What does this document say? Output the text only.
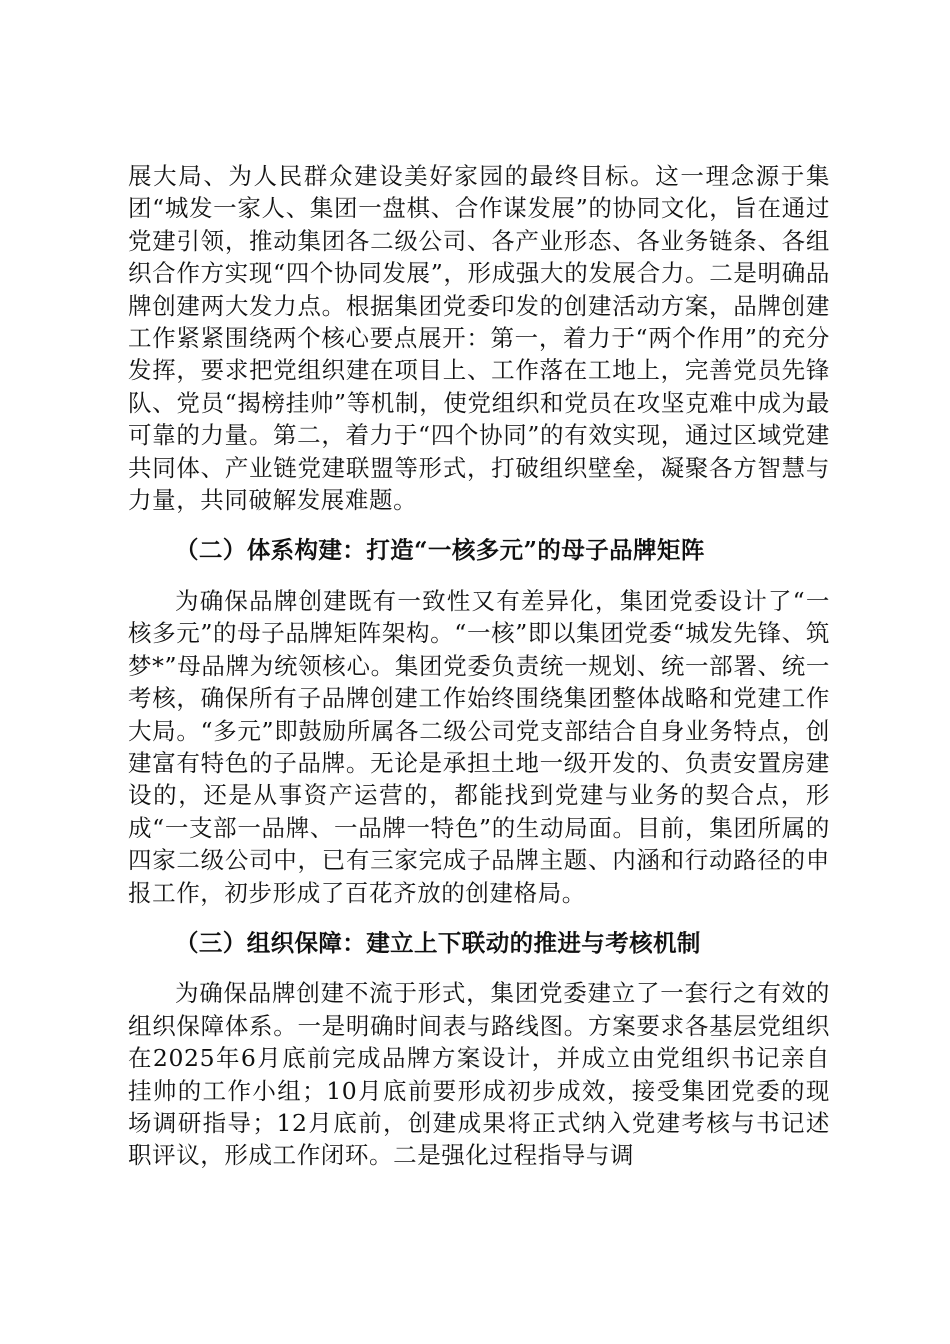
展大局、为人民群众建设美好家园的最终目标。这一理念源于集团“城发一家人、集团一盘棋、合作谋发展”的协同文化，旨在通过党建引领，推动集团各二级公司、各产业形态、各业务链条、各组织合作方实现“四个协同发展”，形成强大的发展合力。二是明确品牌创建两大发力点。根据集团党委印发的创建活动方案，品牌创建工作紧紧围绕两个核心要点展开：第一，着力于“两个作用”的充分发挥，要求把党组织建在项目上、工作落在工地上，完善党员先锋队、党员“揭榜挂帅”等机制，使党组织和党员在攻坚克难中成为最可靠的力量。第二，着力于“四个协同”的有效实现，通过区域党建共同体、产业链党建联盟等形式，打破组织壁垒，凝聚各方智慧与力量，共同破解发展难题。

（二）体系构建：打造“一核多元”的母子品牌矩阵

为确保品牌创建既有一致性又有差异化，集团党委设计了“一核多元”的母子品牌矩阵架构。“一核”即以集团党委“城发先锋、筑梦*”母品牌为统领核心。集团党委负责统一规划、统一部署、统一考核，确保所有子品牌创建工作始终围绕集团整体战略和党建工作大局。“多元”即鼓励所属各二级公司党支部结合自身业务特点，创建富有特色的子品牌。无论是承担土地一级开发的、负责安置房建设的，还是从事资产运营的，都能找到党建与业务的契合点，形成“一支部一品牌、一品牌一特色”的生动局面。目前，集团所属的四家二级公司中，已有三家完成子品牌主题、内涵和行动路径的申报工作，初步形成了百花齐放的创建格局。

（三）组织保障：建立上下联动的推进与考核机制

为确保品牌创建不流于形式，集团党委建立了一套行之有效的组织保障体系。一是明确时间表与路线图。方案要求各基层党组织在2025年6月底前完成品牌方案设计，并成立由党组织书记亲自挂帅的工作小组；10月底前要形成初步成效，接受集团党委的现场调研指导；12月底前，创建成果将正式纳入党建考核与书记述职评议，形成工作闭环。二是强化过程指导与调
